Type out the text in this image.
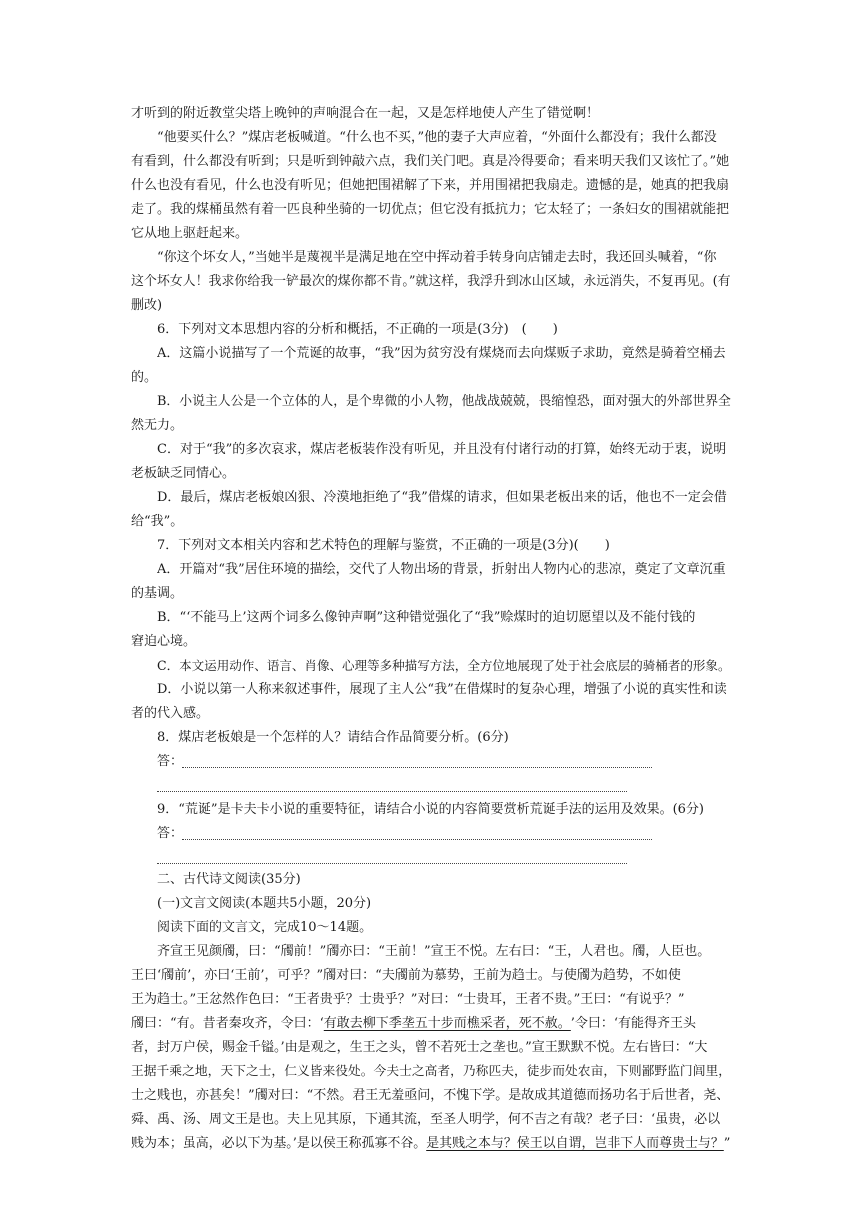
才听到的附近教堂尖塔上晚钟的声响混合在一起，又是怎样地使人产生了错觉啊！
“他要买什么？”煤店老板喊道。“什么也不买，”他的妻子大声应着，“外面什么都没有；我什么都没
有看到，什么都没有听到；只是听到钟敲六点，我们关门吧。真是冷得要命；看来明天我们又该忙了。”她
什么也没有看见，什么也没有听见；但她把围裙解了下来，并用围裙把我扇走。遗憾的是，她真的把我扇
走了。我的煤桶虽然有着一匹良种坐骑的一切优点；但它没有抵抗力；它太轻了；一条妇女的围裙就能把
它从地上驱赶起来。
“你这个坏女人，”当她半是蔑视半是满足地在空中挥动着手转身向店铺走去时，我还回头喊着，“你
这个坏女人！我求你给我一铲最次的煤你都不肯。”就这样，我浮升到冰山区域，永远消失，不复再见。(有
删改)
6．下列对文本思想内容的分析和概括，不正确的一项是(3分)　(　　)
A．这篇小说描写了一个荒诞的故事，“我”因为贫穷没有煤烧而去向煤贩子求助，竟然是骑着空桶去
的。
B．小说主人公是一个立体的人，是个卑微的小人物，他战战兢兢，畏缩惶恐，面对强大的外部世界全
然无力。
C．对于“我”的多次哀求，煤店老板装作没有听见，并且没有付诸行动的打算，始终无动于衷，说明
老板缺乏同情心。
D．最后，煤店老板娘凶狠、冷漠地拒绝了“我”借煤的请求，但如果老板出来的话，他也不一定会借
给“我”。
7．下列对文本相关内容和艺术特色的理解与鉴赏，不正确的一项是(3分)(　　)
A．开篇对“我”居住环境的描绘，交代了人物出场的背景，折射出人物内心的悲凉，奠定了文章沉重
的基调。
B．“‘不能马上’这两个词多么像钟声啊”这种错觉强化了“我”赊煤时的迫切愿望以及不能付钱的
窘迫心境。
C．本文运用动作、语言、肖像、心理等多种描写方法，全方位地展现了处于社会底层的骑桶者的形象。
D．小说以第一人称来叙述事件，展现了主人公“我”在借煤时的复杂心理，增强了小说的真实性和读
者的代入感。
8．煤店老板娘是一个怎样的人？请结合作品简要分析。(6分)
答：
9．“荒诞”是卡夫卡小说的重要特征，请结合小说的内容简要赏析荒诞手法的运用及效果。(6分)
答：
二、古代诗文阅读(35分)
(一)文言文阅读(本题共5小题，20分)
阅读下面的文言文，完成10～14题。
齐宣王见颜斶，曰：“斶前！”斶亦曰：“王前！”宣王不悦。左右曰：“王，人君也。斶，人臣也。
王曰‘斶前’，亦曰‘王前’，可乎？”斶对曰：“夫斶前为慕势，王前为趋士。与使斶为趋势，不如使
王为趋士。”王忿然作色曰：“王者贵乎？士贵乎？”对曰：“士贵耳，王者不贵。”王曰：“有说乎？”
斶曰：“有。昔者秦攻齐，令曰：‘有敢去柳下季垄五十步而樵采者，死不赦。’令曰：‘有能得齐王头
者，封万户侯，赐金千镒。’由是观之，生王之头，曾不若死士之垄也。”宣王默默不悦。左右皆曰：“大
王据千乘之地，天下之士，仁义皆来役处。今夫士之高者，乃称匹夫，徒步而处农亩，下则鄙野监门闾里，
士之贱也，亦甚矣！”斶对曰：“不然。君王无羞亟问，不愧下学。是故成其道德而扬功名于后世者，尧、
舜、禹、汤、周文王是也。夫上见其原，下通其流，至圣人明学，何不吉之有哉？老子曰：‘虽贵，必以
贱为本；虽高，必以下为基。’是以侯王称孤寡不谷。是其贱之本与？侯王以自谓，岂非下人而尊贵士与？”
